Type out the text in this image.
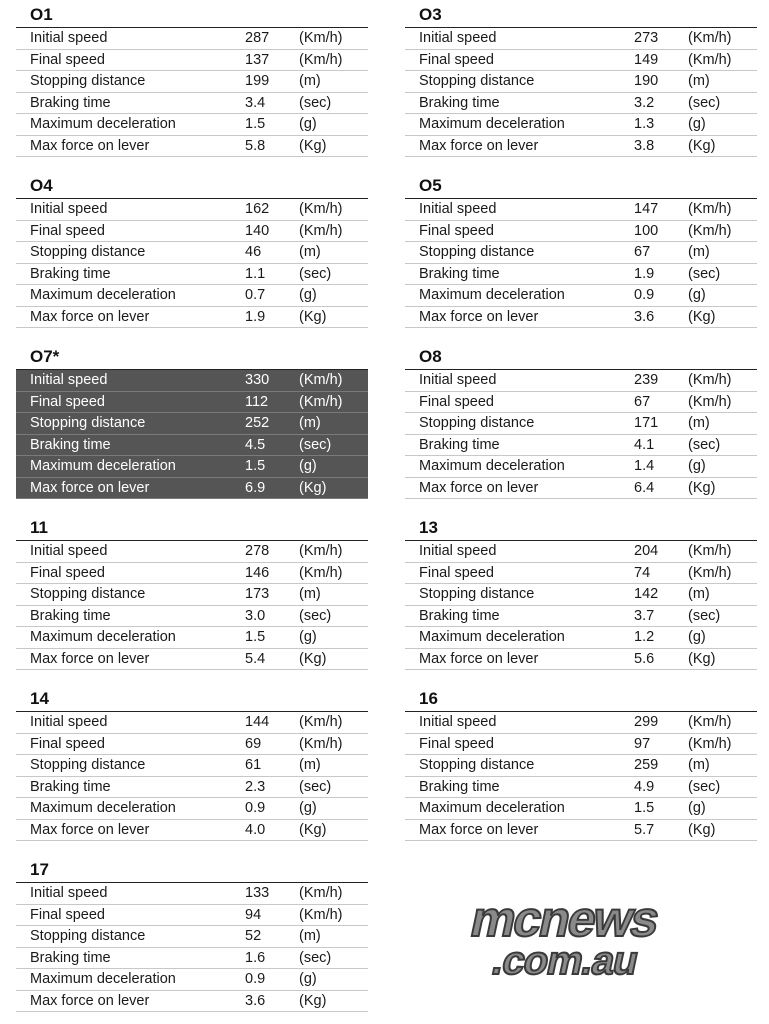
O1
Initial speed	287 (Km/h)
Final speed	137 (Km/h)
Stopping distance	199 (m)
Braking time	3.4 (sec)
Maximum deceleration	1.5 (g)
Max force on lever	5.8 (Kg)
O3
Initial speed	273 (Km/h)
Final speed	149 (Km/h)
Stopping distance	190 (m)
Braking time	3.2 (sec)
Maximum deceleration	1.3 (g)
Max force on lever	3.8 (Kg)
O4
Initial speed	162 (Km/h)
Final speed	140 (Km/h)
Stopping distance	46	(m)
Braking time	1.1 (sec)
Maximum deceleration	0.7 (g)
Max force on lever	1.9 (Kg)
O5
Initial speed	147 (Km/h)
Final speed	100 (Km/h)
Stopping distance	67	(m)
Braking time	1.9 (sec)
Maximum deceleration	0.9 (g)
Max force on lever	3.6 (Kg)
O7*
Initial speed	330 (Km/h)
Final speed	112 (Km/h)
Stopping distance	252 (m)
Braking time	4.5 (sec)
Maximum deceleration	1.5 (g)
Max force on lever	6.9 (Kg)
O8
Initial speed	239 (Km/h)
Final speed	67	(Km/h)
Stopping distance	171 (m)
Braking time	4.1 (sec)
Maximum deceleration	1.4 (g)
Max force on lever	6.4 (Kg)
11
Initial speed	278 (Km/h)
Final speed	146 (Km/h)
Stopping distance	173 (m)
Braking time	3.0 (sec)
Maximum deceleration	1.5 (g)
Max force on lever	5.4 (Kg)
13
Initial speed	204 (Km/h)
Final speed	74	(Km/h)
Stopping distance	142 (m)
Braking time	3.7 (sec)
Maximum deceleration	1.2 (g)
Max force on lever	5.6 (Kg)
14
Initial speed	144 (Km/h)
Final speed	69	(Km/h)
Stopping distance	61	(m)
Braking time	2.3 (sec)
Maximum deceleration	0.9 (g)
Max force on lever	4.0 (Kg)
16
Initial speed	299 (Km/h)
Final speed	97	(Km/h)
Stopping distance	259 (m)
Braking time	4.9 (sec)
Maximum deceleration	1.5 (g)
Max force on lever	5.7 (Kg)
17
Initial speed	133 (Km/h)
Final speed	94	(Km/h)
Stopping distance	52	(m)
Braking time	1.6 (sec)
Maximum deceleration	0.9 (g)
Max force on lever	3.6 (Kg)
mcnews
.com.au
